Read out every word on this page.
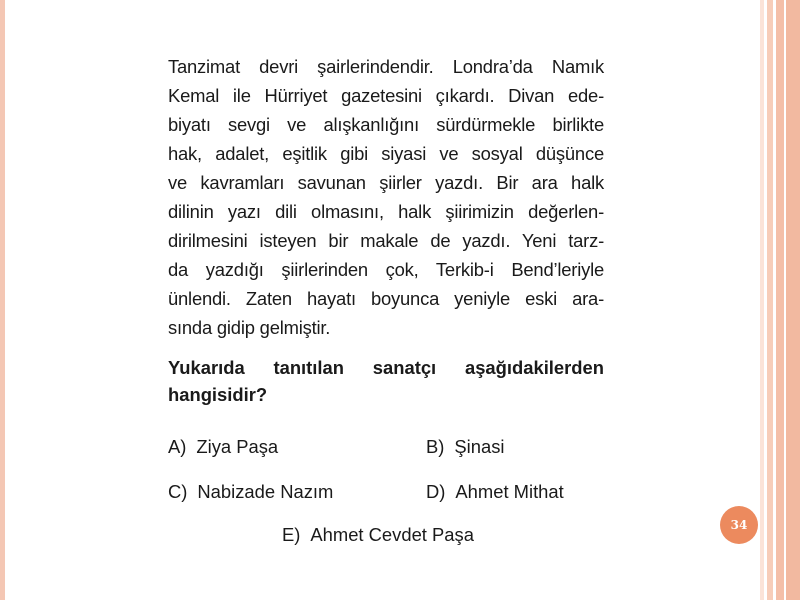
Tanzimat devri şairlerindendir. Londra’da Namık
Kemal ile Hürriyet gazetesini çıkardı. Divan ede-
biyatı sevgi ve alışkanlığını sürdürmekle birlikte
hak, adalet, eşitlik gibi siyasi ve sosyal düşünce
ve kavramları savunan şiirler yazdı. Bir ara halk
dilinin yazı dili olmasını, halk şiirimizin değerlen-
dirilmesini isteyen bir makale de yazdı. Yeni tarz-
da yazdığı şiirlerinden çok, Terkib-i Bend’leriyle
ünlendi. Zaten hayatı boyunca yeniyle eski ara-
sında gidip gelmiştir.

Yukarıda tanıtılan sanatçı aşağıdakilerden
hangisidir?

A) Ziya Paşa	B) Şinasi
C) Nabizade Nazım	D) Ahmet Mithat
E) Ahmet Cevdet Paşa	34
